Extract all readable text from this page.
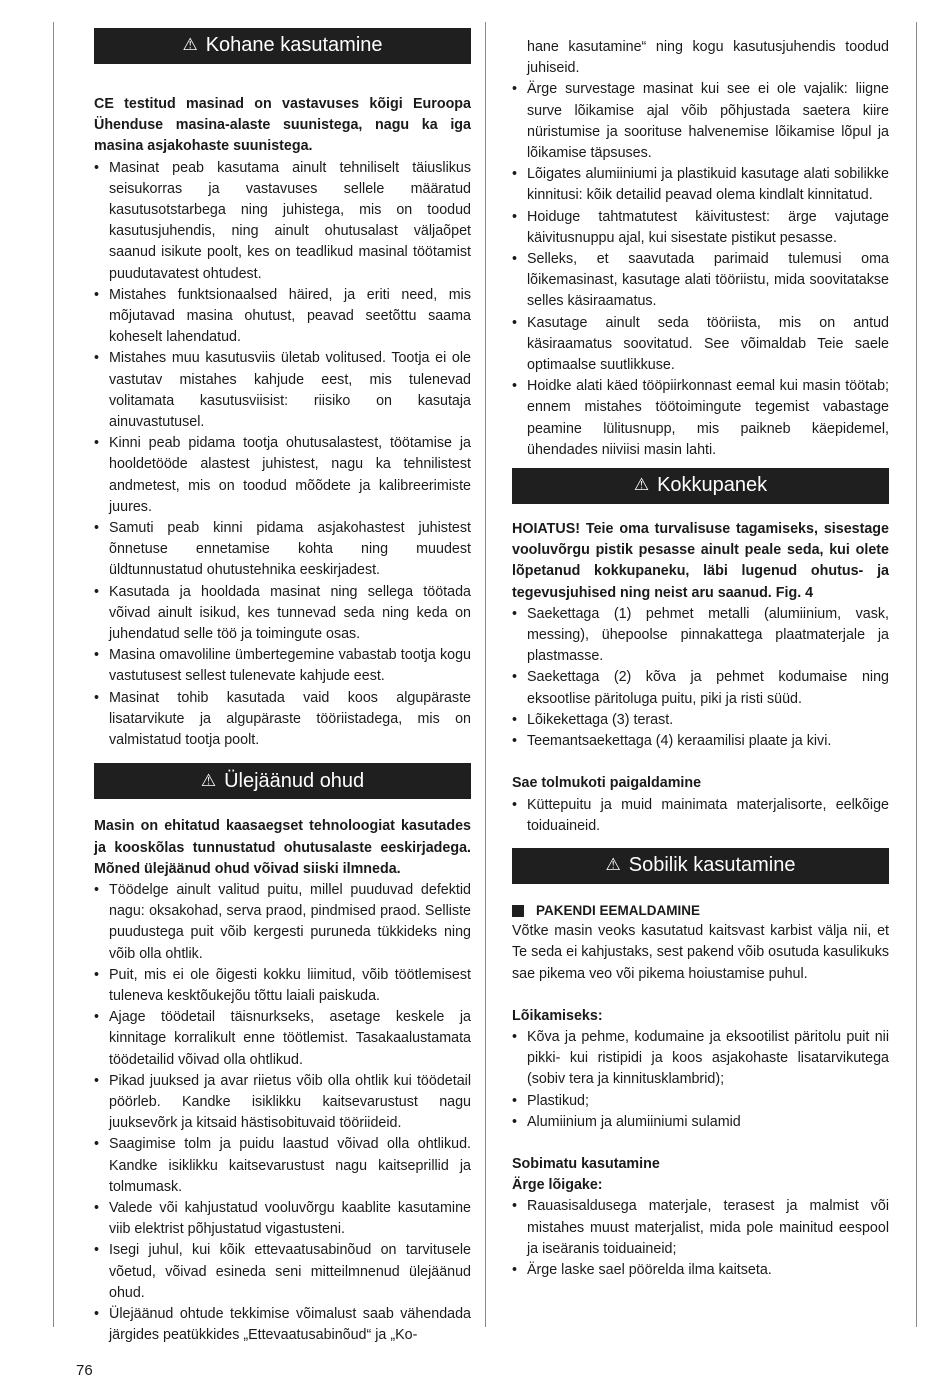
⚠ Kohane kasutamine

CE testitud masinad on vastavuses kõigi Euroopa Ühenduse masina-alaste suunistega, nagu ka iga masina asjakohaste suunistega.

• Masinat peab kasutama ainult tehniliselt täiuslikus seisukorras ja vastavuses sellele määratud kasutusotstarbega ning juhistega, mis on toodud kasutusjuhendis, ning ainult ohutusalast väljaõpet saanud isikute poolt, kes on teadlikud masinal töötamist puudutavatest ohtudest.
• Mistahes funktsionaalsed häired, ja eriti need, mis mõjutavad masina ohutust, peavad seetõttu saama koheselt lahendatud.
• Mistahes muu kasutusviis ületab volitused. Tootja ei ole vastutav mistahes kahjude eest, mis tulenevad volitamata kasutusviisist: riisiko on kasutaja ainuvastutusel.
• Kinni peab pidama tootja ohutusalastest, töötamise ja hooldetööde alastest juhistest, nagu ka tehnilistest andmetest, mis on toodud mõõdete ja kalibreerimiste juures.
• Samuti peab kinni pidama asjakohastest juhistest õnnetuse ennetamise kohta ning muudest üldtunnustatud ohutustehnika eeskirjadest.
• Kasutada ja hooldada masinat ning sellega töötada võivad ainult isikud, kes tunnevad seda ning keda on juhendatud selle töö ja toimingute osas.
• Masina omavoliline ümbertegemine vabastab tootja kogu vastutusest sellest tulenevate kahjude eest.
• Masinat tohib kasutada vaid koos algupäraste lisatarvikute ja algupäraste tööriistadega, mis on valmistatud tootja poolt.
⚠ Ülejäänud ohud

Masin on ehitatud kaasaegset tehnoloogiat kasutades ja kooskõlas tunnustatud ohutusalaste eeskirjadega. Mõned ülejäänud ohud võivad siiski ilmneda.

• Töödelge ainult valitud puitu, millel puuduvad defektid nagu: oksakohad, serva praod, pindmised praod. Selliste puudustega puit võib kergesti puruneda tükkideks ning võib olla ohtlik.
• Puit, mis ei ole õigesti kokku liimitud, võib töötlemisest tuleneva kesktõukejõu tõttu laiali paiskuda.
• Ajage töödetail täisnurkseks, asetage keskele ja kinnitage korralikult enne töötlemist. Tasakaalustamata töödetailid võivad olla ohtlikud.
• Pikad juuksed ja avar riietus võib olla ohtlik kui töödetail pöörleb. Kandke isiklikku kaitsevarustust nagu juuksevõrk ja kitsaid hästisobituvaid tööriideid.
• Saagimise tolm ja puidu laastud võivad olla ohtlikud. Kandke isiklikku kaitsevarustust nagu kaitseprillid ja tolmumask.
• Valede või kahjustatud vooluvõrgu kaablite kasutamine viib elektrist põhjustatud vigastusteni.
• Isegi juhul, kui kõik ettevaatusabinõud on tarvitusele võetud, võivad esineda seni mitteilmnenud ülejäänud ohud.
• Ülejäänud ohtude tekkimise võimalust saab vähendada järgides peatükkides „Ettevaatusabinõud“ ja „Ko-
hane kasutamine“ ning kogu kasutusjuhendis toodud juhiseid.
• Ärge survestage masinat kui see ei ole vajalik: liigne surve lõikamise ajal võib põhjustada saetera kiire nüristumise ja soorituse halvenemise lõikamise lõpul ja lõikamise täpsuses.
• Lõigates alumiiniumi ja plastikuid kasutage alati sobilikke kinnitusi: kõik detailid peavad olema kindlalt kinnitatud.
• Hoiduge tahtmatutest käivitustest: ärge vajutage käivitusnuppu ajal, kui sisestate pistikut pesasse.
• Selleks, et saavutada parimaid tulemusi oma lõikemasinast, kasutage alati tööriistu, mida soovitatakse selles käsiraamatus.
• Kasutage ainult seda tööriista, mis on antud käsiraamatus soovitatud. See võimaldab Teie saele optimaalse suutlikkuse.
• Hoidke alati käed tööpiirkonnast eemal kui masin töötab; ennem mistahes töötoimingute tegemist vabastage peamine lülitusnupp, mis paikneb käepidemel, ühendades niiviisi masin lahti.
⚠ Kokkupanek

HOIATUS! Teie oma turvalisuse tagamiseks, sisestage vooluvõrgu pistik pesasse ainult peale seda, kui olete lõpetanud kokkupaneku, läbi lugenud ohutus- ja tegevusjuhised ning neist aru saanud. Fig. 4

• Saekettaga (1) pehmet metalli (alumiinium, vask, messing), ühepoolse pinnakattega plaatmaterjale ja plastmasse.
• Saekettaga (2) kõva ja pehmet kodumaise ning eksootlise päritoluga puitu, piki ja risti süüd.
• Lõikekettaga (3) terast.
• Teemantsaekettaga (4) keraamilisi plaate ja kivi.

Sae tolmukoti paigaldamine

• Küttepuitu ja muid mainimata materjalisorte, eelkõige toiduaineid.
⚠ Sobilik kasutamine

PAKENDI EEMALDAMINE

Võtke masin veoks kasutatud kaitsvast karbist välja nii, et Te seda ei kahjustaks, sest pakend võib osutuda kasulikuks sae pikema veo või pikema hoiustamise puhul.

Lõikamiseks:

• Kõva ja pehme, kodumaine ja eksootilist päritolu puit nii pikki- kui ristipidi ja koos asjakohaste lisatarvikutega (sobiv tera ja kinnitusklambrid);
• Plastikud;
• Alumiinium ja alumiiniumi sulamid

Sobimatu kasutamine

Ärge lõigake:

• Rauasisaldusega materjale, terasest ja malmist või mistahes muust materjalist, mida pole mainitud eespool ja iseäranis toiduaineid;
• Ärge laske sael pöörelda ilma kaitseta.
76
